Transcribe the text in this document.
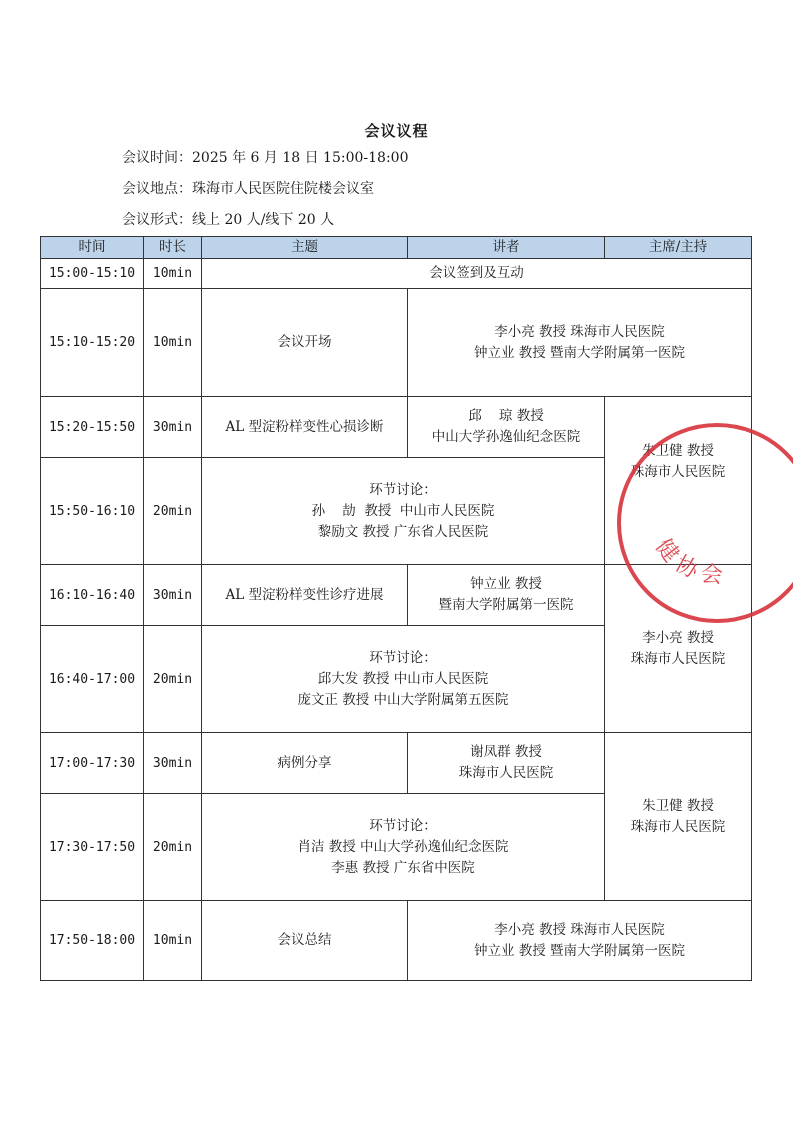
会议议程
会议时间：2025 年 6 月 18 日 15:00-18:00
会议地点：珠海市人民医院住院楼会议室
会议形式：线上 20 人/线下 20 人
时间	时长	主题	讲者	主席/主持
15:00-15:10	10min	会议签到及互动		
15:10-15:20	10min	会议开场	李小亮 教授 珠海市人民医院
钟立业 教授 暨南大学附属第一医院	

15:20-15:50	30min	AL 型淀粉样变性心损诊断	邱    琼 教授
中山大学孙逸仙纪念医院	朱卫健 教授
珠海市人民医院

15:50-16:10	20min	环节讨论：
孙    劼  教授  中山市人民医院
黎励文 教授 广东省人民医院		

16:10-16:40	30min	AL 型淀粉样变性诊疗进展	钟立业 教授
暨南大学附属第一医院	李小亮 教授
珠海市人民医院

16:40-17:00	20min	环节讨论：
邱大发 教授 中山市人民医院
庞文正 教授 中山大学附属第五医院		

17:00-17:30	30min	病例分享	谢凤群 教授
珠海市人民医院	朱卫健 教授
珠海市人民医院

17:30-17:50	20min	环节讨论：
肖洁 教授 中山大学孙逸仙纪念医院
李惠 教授 广东省中医院		

17:50-18:00	10min	会议总结	李小亮 教授 珠海市人民医院
钟立业 教授 暨南大学附属第一医院	
健 协 会
